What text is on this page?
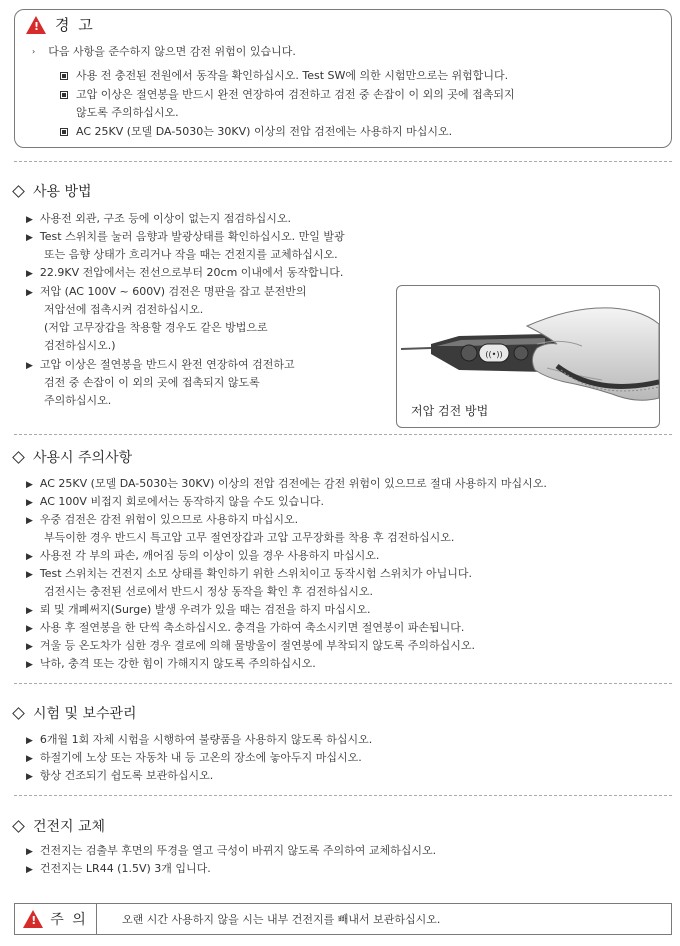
! 경 고
› 다음 사항을 준수하지 않으면 감전 위험이 있습니다.
사용 전 충전된 전원에서 동작을 확인하십시오. Test SW에 의한 시험만으로는 위험합니다.
고압 이상은 절연봉을 반드시 완전 연장하여 검전하고 검전 중 손잡이 이 외의 곳에 접촉되지
않도록 주의하십시오.
AC 25KV (모델 DA-5030는 30KV) 이상의 전압 검전에는 사용하지 마십시오.
사용 방법
▶ 사용전 외관, 구조 등에 이상이 없는지 점검하십시오.
▶ Test 스위치를 눌러 음향과 발광상태를 확인하십시오. 만일 발광
또는 음향 상태가 흐리거나 작을 때는 건전지를 교체하십시오.
▶ 22.9KV 전압에서는 전선으로부터 20cm 이내에서 동작합니다.
▶ 저압 (AC 100V ~ 600V) 검전은 명판을 잡고 분전반의
저압선에 접촉시켜 검전하십시오.
(저압 고무장갑을 착용할 경우도 같은 방법으로
검전하십시오.)
▶ 고압 이상은 절연봉을 반드시 완전 연장하여 검전하고
검전 중 손잡이 이 외의 곳에 접촉되지 않도록
주의하십시오.
((•))
저압 검전 방법
사용시 주의사항
▶ AC 25KV (모델 DA-5030는 30KV) 이상의 전압 검전에는 감전 위험이 있으므로 절대 사용하지 마십시오.
▶ AC 100V 비접지 회로에서는 동작하지 않을 수도 있습니다.
▶ 우중 검전은 감전 위험이 있으므로 사용하지 마십시오.
부득이한 경우 반드시 특고압 고무 절연장갑과 고압 고무장화를 착용 후 검전하십시오.
▶ 사용전 각 부의 파손, 깨어짐 등의 이상이 있을 경우 사용하지 마십시오.
▶ Test 스위치는 건전지 소모 상태를 확인하기 위한 스위치이고 동작시험 스위치가 아닙니다.
검전시는 충전된 선로에서 반드시 정상 동작을 확인 후 검전하십시오.
▶ 뢰 및 개폐써지(Surge) 발생 우려가 있을 때는 검전을 하지 마십시오.
▶ 사용 후 절연봉을 한 단씩 축소하십시오. 충격을 가하여 축소시키면 절연봉이 파손됩니다.
▶ 겨울 등 온도차가 심한 경우 결로에 의해 물방울이 절연봉에 부착되지 않도록 주의하십시오.
▶ 낙하, 충격 또는 강한 힘이 가해지지 않도록 주의하십시오.
시험 및 보수관리
▶ 6개월 1회 자체 시험을 시행하여 불량품을 사용하지 않도록 하십시오.
▶ 하절기에 노상 또는 자동차 내 등 고온의 장소에 놓아두지 마십시오.
▶ 항상 건조되기 쉽도록 보관하십시오.
건전지 교체
▶ 건전지는 검출부 후면의 뚜경을 열고 극성이 바뀌지 않도록 주의하여 교체하십시오.
▶ 건전지는 LR44 (1.5V) 3개 입니다.
! 주 의	오랜 시간 사용하지 않을 시는 내부 건전지를 빼내서 보관하십시오.
